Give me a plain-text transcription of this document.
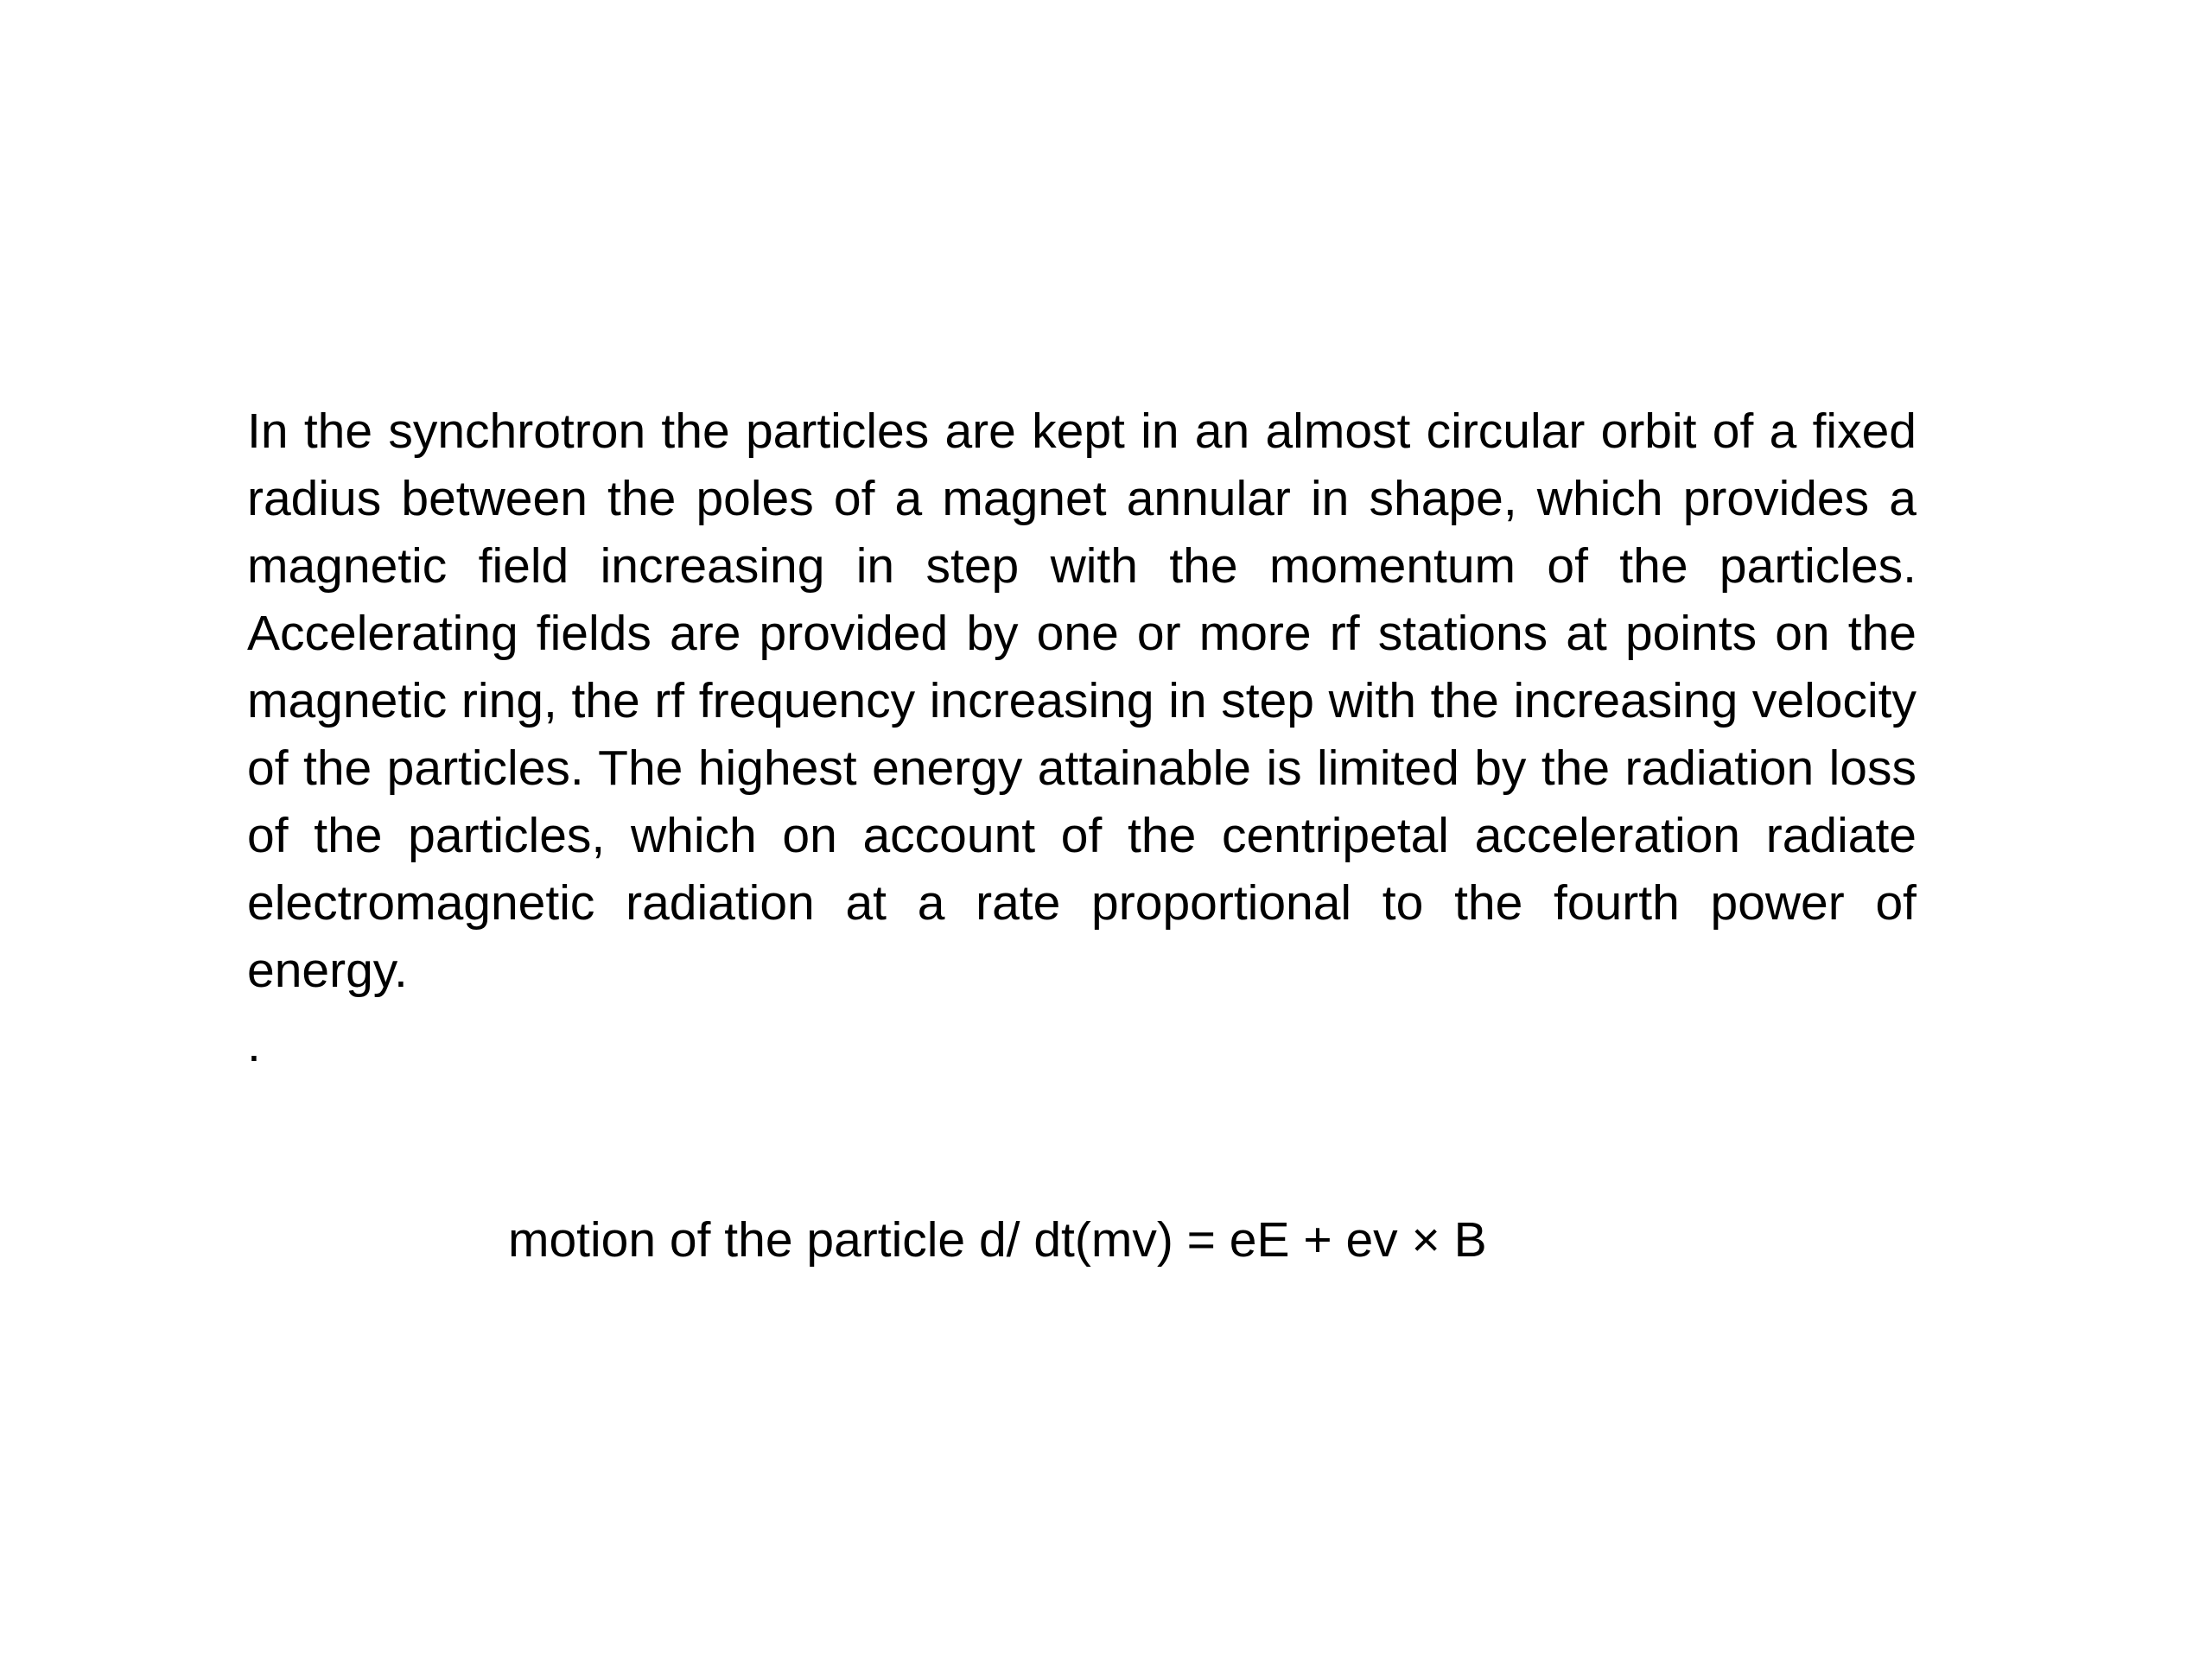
In the synchrotron the particles are kept in an almost circular orbit of a fixed radius between the poles of a magnet annular in shape, which provides a magnetic field increasing in step with the momentum of the particles. Accelerating fields are provided by one or more rf stations at points on the magnetic ring, the rf frequency increasing in step with the increasing velocity of the particles. The highest energy attainable is limited by the radiation loss of the particles, which on account of the centripetal acceleration radiate electromagnetic radiation at a rate proportional to the fourth power of energy.

.

motion of the particle d/ dt(mv) = eE + ev × B
